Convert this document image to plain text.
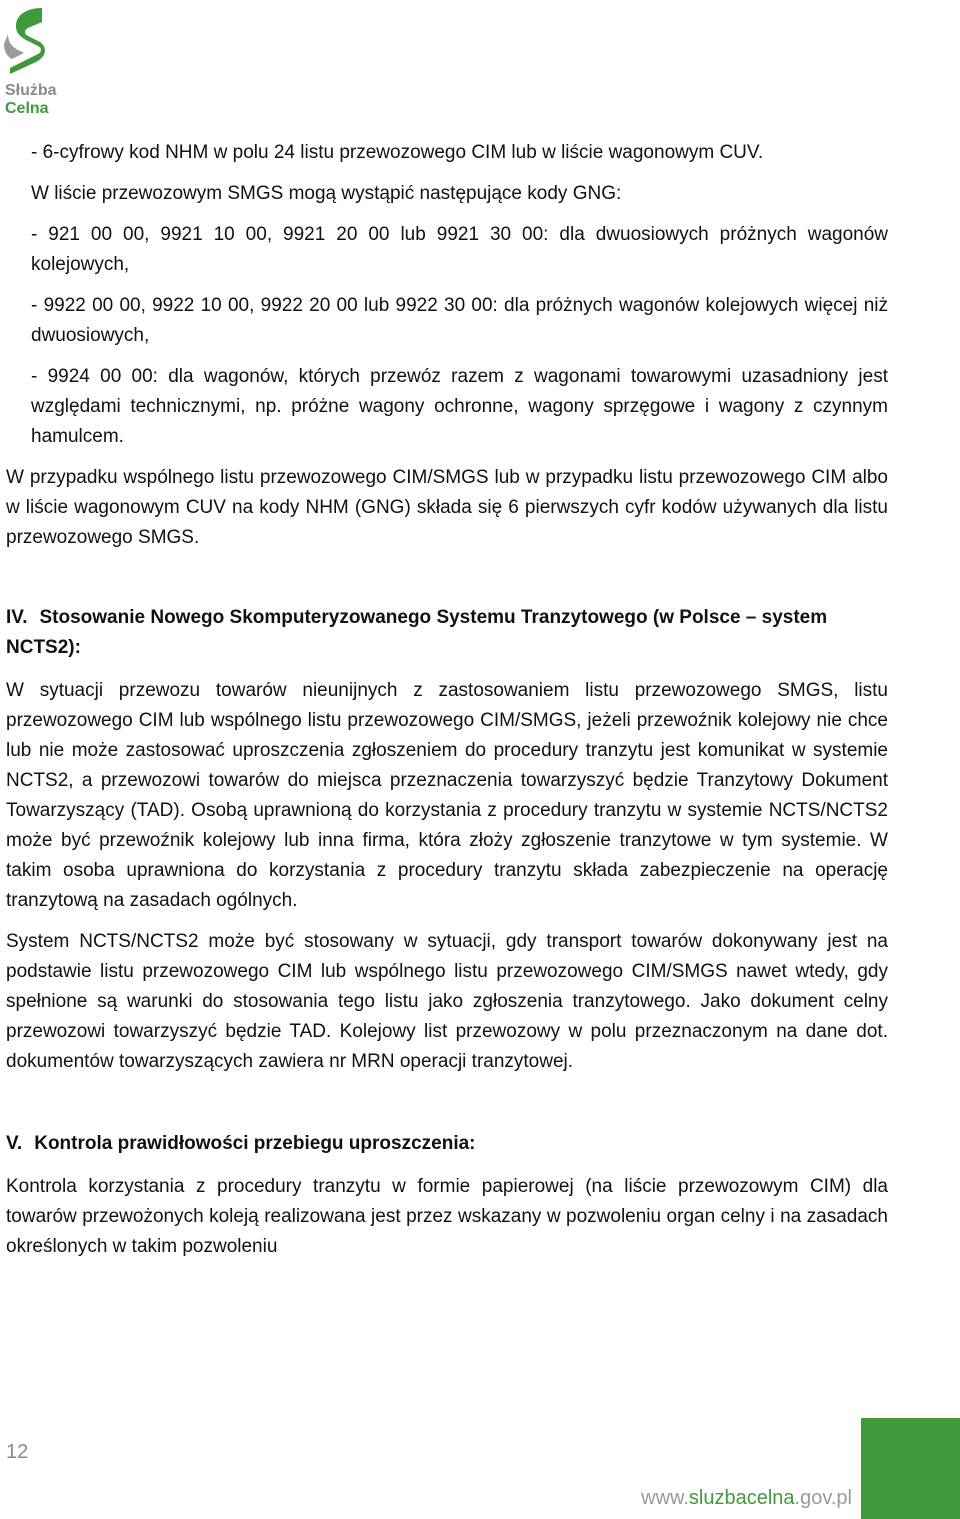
Służba
Celna

- 6-cyfrowy kod NHM w polu 24 listu przewozowego CIM lub w liście wagonowym CUV.

W liście przewozowym SMGS mogą wystąpić następujące kody GNG:

- 921 00 00, 9921 10 00, 9921 20 00 lub 9921 30 00: dla dwuosiowych próżnych wagonów kolejowych,

- 9922 00 00, 9922 10 00, 9922 20 00 lub 9922 30 00: dla próżnych wagonów kolejowych więcej niż dwuosiowych,

- 9924 00 00: dla wagonów, których przewóz razem z wagonami towarowymi uzasadniony jest względami technicznymi, np. próżne wagony ochronne, wagony sprzęgowe i wagony z czynnym hamulcem.

W przypadku wspólnego listu przewozowego CIM/SMGS lub w przypadku listu przewozowego CIM albo w liście wagonowym CUV na kody NHM (GNG) składa się 6 pierwszych cyfr kodów używanych dla listu przewozowego SMGS.

IV. Stosowanie Nowego Skomputeryzowanego Systemu Tranzytowego (w Polsce – system NCTS2):

W sytuacji przewozu towarów nieunijnych z zastosowaniem listu przewozowego SMGS, listu przewozowego CIM lub wspólnego listu przewozowego CIM/SMGS, jeżeli przewoźnik kolejowy nie chce lub nie może zastosować uproszczenia zgłoszeniem do procedury tranzytu jest komunikat w systemie NCTS2, a przewozowi towarów do miejsca przeznaczenia towarzyszyć będzie Tranzytowy Dokument Towarzyszący (TAD). Osobą uprawnioną do korzystania z procedury tranzytu w systemie NCTS/NCTS2 może być przewoźnik kolejowy lub inna firma, która złoży zgłoszenie tranzytowe w tym systemie. W takim osoba uprawniona do korzystania z procedury tranzytu składa zabezpieczenie na operację tranzytową na zasadach ogólnych.

System NCTS/NCTS2 może być stosowany w sytuacji, gdy transport towarów dokonywany jest na podstawie listu przewozowego CIM lub wspólnego listu przewozowego CIM/SMGS nawet wtedy, gdy spełnione są warunki do stosowania tego listu jako zgłoszenia tranzytowego. Jako dokument celny przewozowi towarzyszyć będzie TAD. Kolejowy list przewozowy w polu przeznaczonym na dane dot. dokumentów towarzyszących zawiera nr MRN operacji tranzytowej.

V. Kontrola prawidłowości przebiegu uproszczenia:

Kontrola korzystania z procedury tranzytu w formie papierowej (na liście przewozowym CIM) dla towarów przewożonych koleją realizowana jest przez wskazany w pozwoleniu organ celny i na zasadach określonych w takim pozwoleniu

12
www.sluzbacelna.gov.pl
